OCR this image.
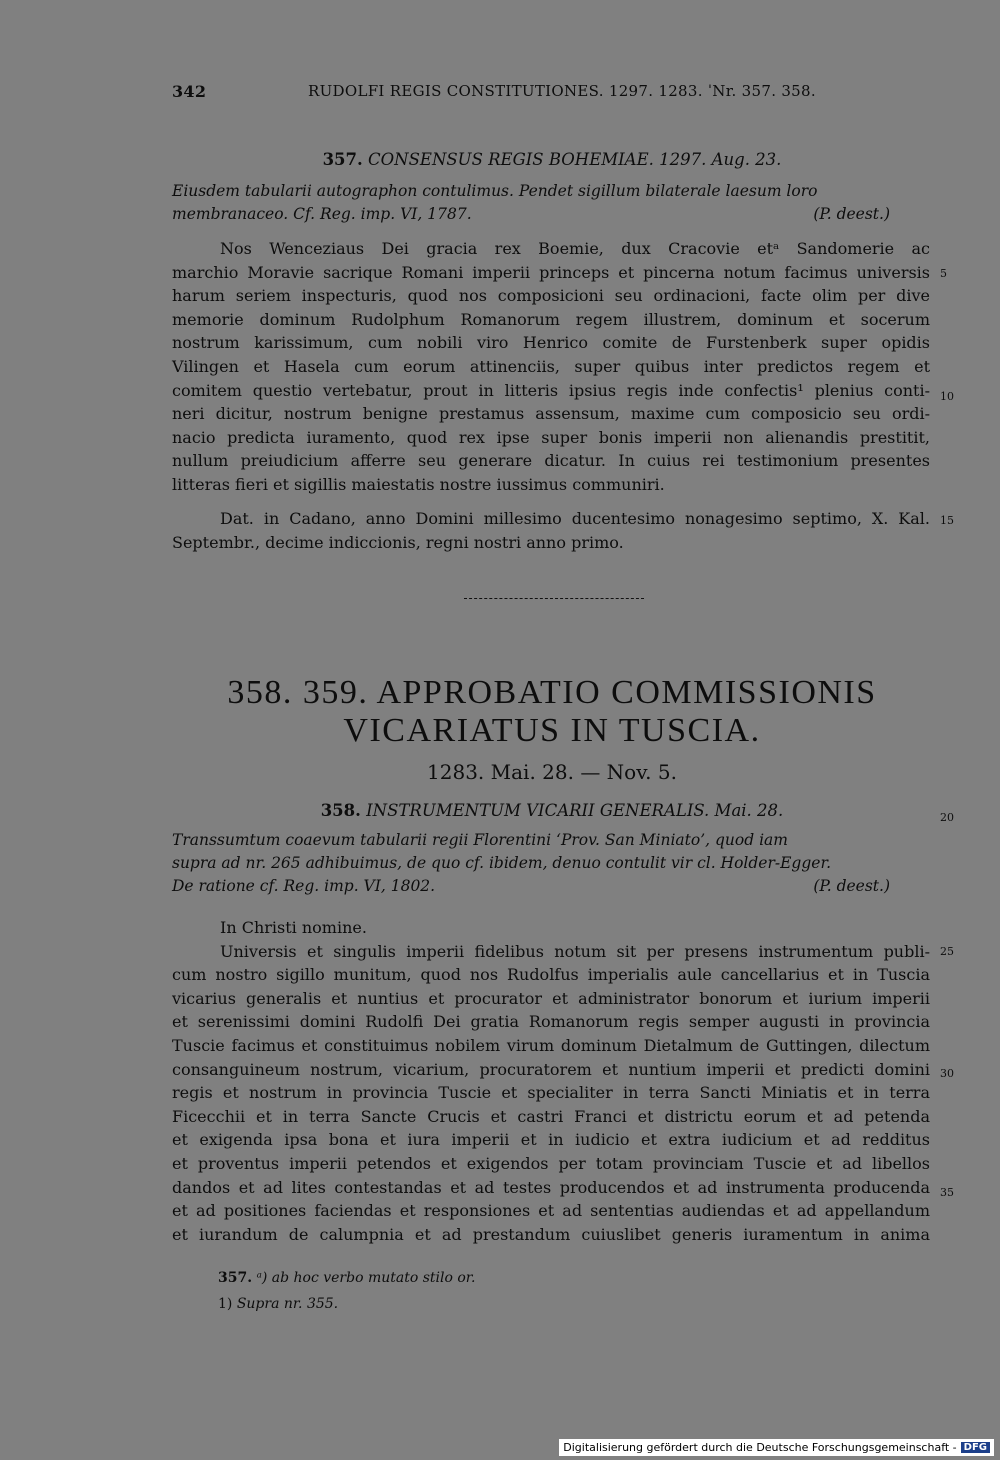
342	RUDOLFI REGIS CONSTITUTIONES. 1297. 1283. ˈNr. 357. 358.
357. CONSENSUS REGIS BOHEMIAE. 1297. Aug. 23.
Eiusdem tabularii autographon contulimus. Pendet sigillum bilaterale laesum loro
membranaceo. Cf. Reg. imp. VI, 1787.	(P. deest.)
Nos Wenceziaus Dei gracia rex Boemie, dux Cracovie etᵃ Sandomerie ac
marchio Moravie sacrique Romani imperii princeps et pincerna notum facimus universis
harum seriem inspecturis, quod nos composicioni seu ordinacioni, facte olim per dive
memorie dominum Rudolphum Romanorum regem illustrem, dominum et socerum
nostrum karissimum, cum nobili viro Henrico comite de Furstenberk super opidis
Vilingen et Hasela cum eorum attinenciis, super quibus inter predictos regem et
comitem questio vertebatur, prout in litteris ipsius regis inde confectis¹ plenius conti-
neri dicitur, nostrum benigne prestamus assensum, maxime cum composicio seu ordi-
nacio predicta iuramento, quod rex ipse super bonis imperii non alienandis prestitit,
nullum preiudicium afferre seu generare dicatur. In cuius rei testimonium presentes
litteras fieri et sigillis maiestatis nostre iussimus communiri.
Dat. in Cadano, anno Domini millesimo ducentesimo nonagesimo septimo, X. Kal.
Septembr., decime indiccionis, regni nostri anno primo.
5
10
15
20
25
30
35
358. 359. APPROBATIO COMMISSIONIS
VICARIATUS IN TUSCIA.
1283. Mai. 28. — Nov. 5.
358. INSTRUMENTUM VICARII GENERALIS. Mai. 28.
Transsumtum coaevum tabularii regii Florentini ‘Prov. San Miniato’, quod iam
supra ad nr. 265 adhibuimus, de quo cf. ibidem, denuo contulit vir cl. Holder-Egger.
De ratione cf. Reg. imp. VI, 1802.	(P. deest.)
In Christi nomine.
Universis et singulis imperii fidelibus notum sit per presens instrumentum publi-
cum nostro sigillo munitum, quod nos Rudolfus imperialis aule cancellarius et in Tuscia
vicarius generalis et nuntius et procurator et administrator bonorum et iurium imperii
et serenissimi domini Rudolfi Dei gratia Romanorum regis semper augusti in provincia
Tuscie facimus et constituimus nobilem virum dominum Dietalmum de Guttingen, dilectum
consanguineum nostrum, vicarium, procuratorem et nuntium imperii et predicti domini
regis et nostrum in provincia Tuscie et specialiter in terra Sancti Miniatis et in terra
Ficecchii et in terra Sancte Crucis et castri Franci et districtu eorum et ad petenda
et exigenda ipsa bona et iura imperii et in iudicio et extra iudicium et ad redditus
et proventus imperii petendos et exigendos per totam provinciam Tuscie et ad libellos
dandos et ad lites contestandas et ad testes producendos et ad instrumenta producenda
et ad positiones faciendas et responsiones et ad sententias audiendas et ad appellandum
et iurandum de calumpnia et ad prestandum cuiuslibet generis iuramentum in anima
357. ᵃ) ab hoc verbo mutato stilo or.
1) Supra nr. 355.
Digitalisierung gefördert durch die Deutsche Forschungsgemeinschaft - DFG
